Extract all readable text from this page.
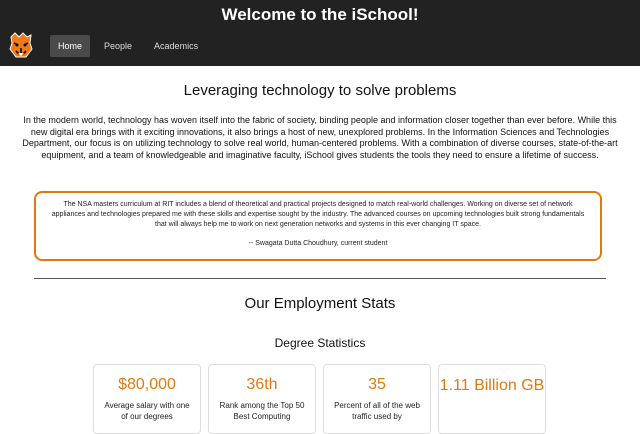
Welcome to the iSchool!
Home	People	Academics
Leveraging technology to solve problems
In the modern world, technology has woven itself into the fabric of society, binding people and information closer together than ever before. While this new digital era brings with it exciting innovations, it also brings a host of new, unexplored problems. In the Information Sciences and Technologies Department, our focus is on utilizing technology to solve real world, human-centered problems. With a combination of diverse courses, state-of-the-art equipment, and a team of knowledgeable and imaginative faculty, iSchool gives students the tools they need to ensure a lifetime of success.
The NSA masters curriculum at RIT includes a blend of theoretical and practical projects designed to match real-world challenges. Working on diverse set of network appliances and technologies prepared me with these skills and expertise sought by the industry. The advanced courses on upcoming technologies built strong fundamentals that will always help me to work on next generation networks and systems in this ever changing IT space.
-- Swagata Dutta Choudhury, current student
Our Employment Stats
Degree Statistics
$80,000
Average salary with one of our degrees
36th
Rank among the Top 50 Best Computing
35
Percent of all of the web traffic used by
1.11 Billion GB
